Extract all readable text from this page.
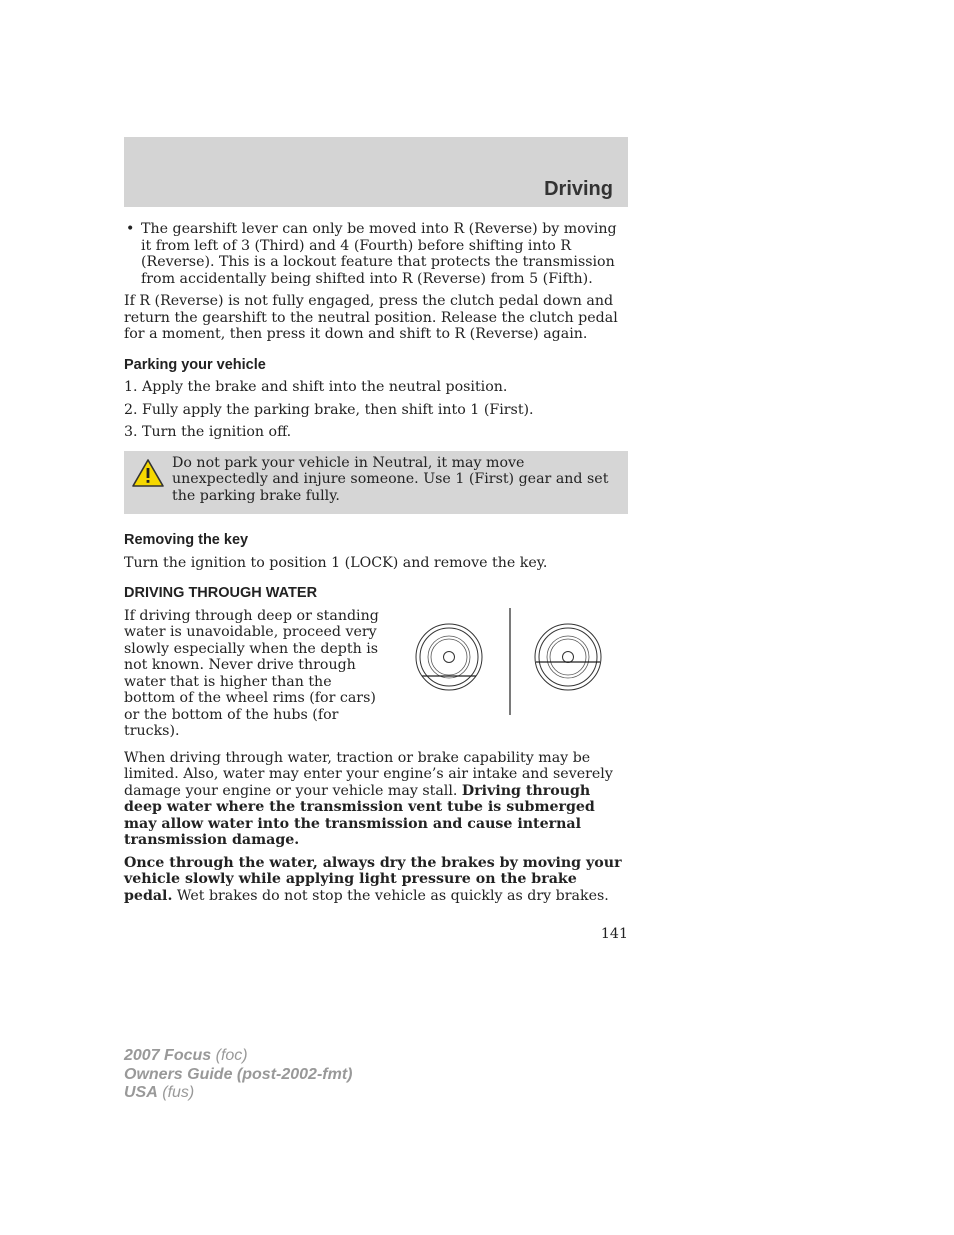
Driving

• The gearshift lever can only be moved into R (Reverse) by moving it from left of 3 (Third) and 4 (Fourth) before shifting into R (Reverse). This is a lockout feature that protects the transmission from accidentally being shifted into R (Reverse) from 5 (Fifth).

If R (Reverse) is not fully engaged, press the clutch pedal down and return the gearshift to the neutral position. Release the clutch pedal for a moment, then press it down and shift to R (Reverse) again.

Parking your vehicle

1. Apply the brake and shift into the neutral position.

2. Fully apply the parking brake, then shift into 1 (First).

3. Turn the ignition off.

Do not park your vehicle in Neutral, it may move unexpectedly and injure someone. Use 1 (First) gear and set the parking brake fully.

Removing the key

Turn the ignition to position 1 (LOCK) and remove the key.

DRIVING THROUGH WATER

If driving through deep or standing water is unavoidable, proceed very slowly especially when the depth is not known. Never drive through water that is higher than the bottom of the wheel rims (for cars) or the bottom of the hubs (for trucks).

When driving through water, traction or brake capability may be limited. Also, water may enter your engine’s air intake and severely damage your engine or your vehicle may stall. Driving through deep water where the transmission vent tube is submerged may allow water into the transmission and cause internal transmission damage.

Once through the water, always dry the brakes by moving your vehicle slowly while applying light pressure on the brake pedal. Wet brakes do not stop the vehicle as quickly as dry brakes.

141
2007 Focus (foc)
Owners Guide (post-2002-fmt)
USA (fus)
